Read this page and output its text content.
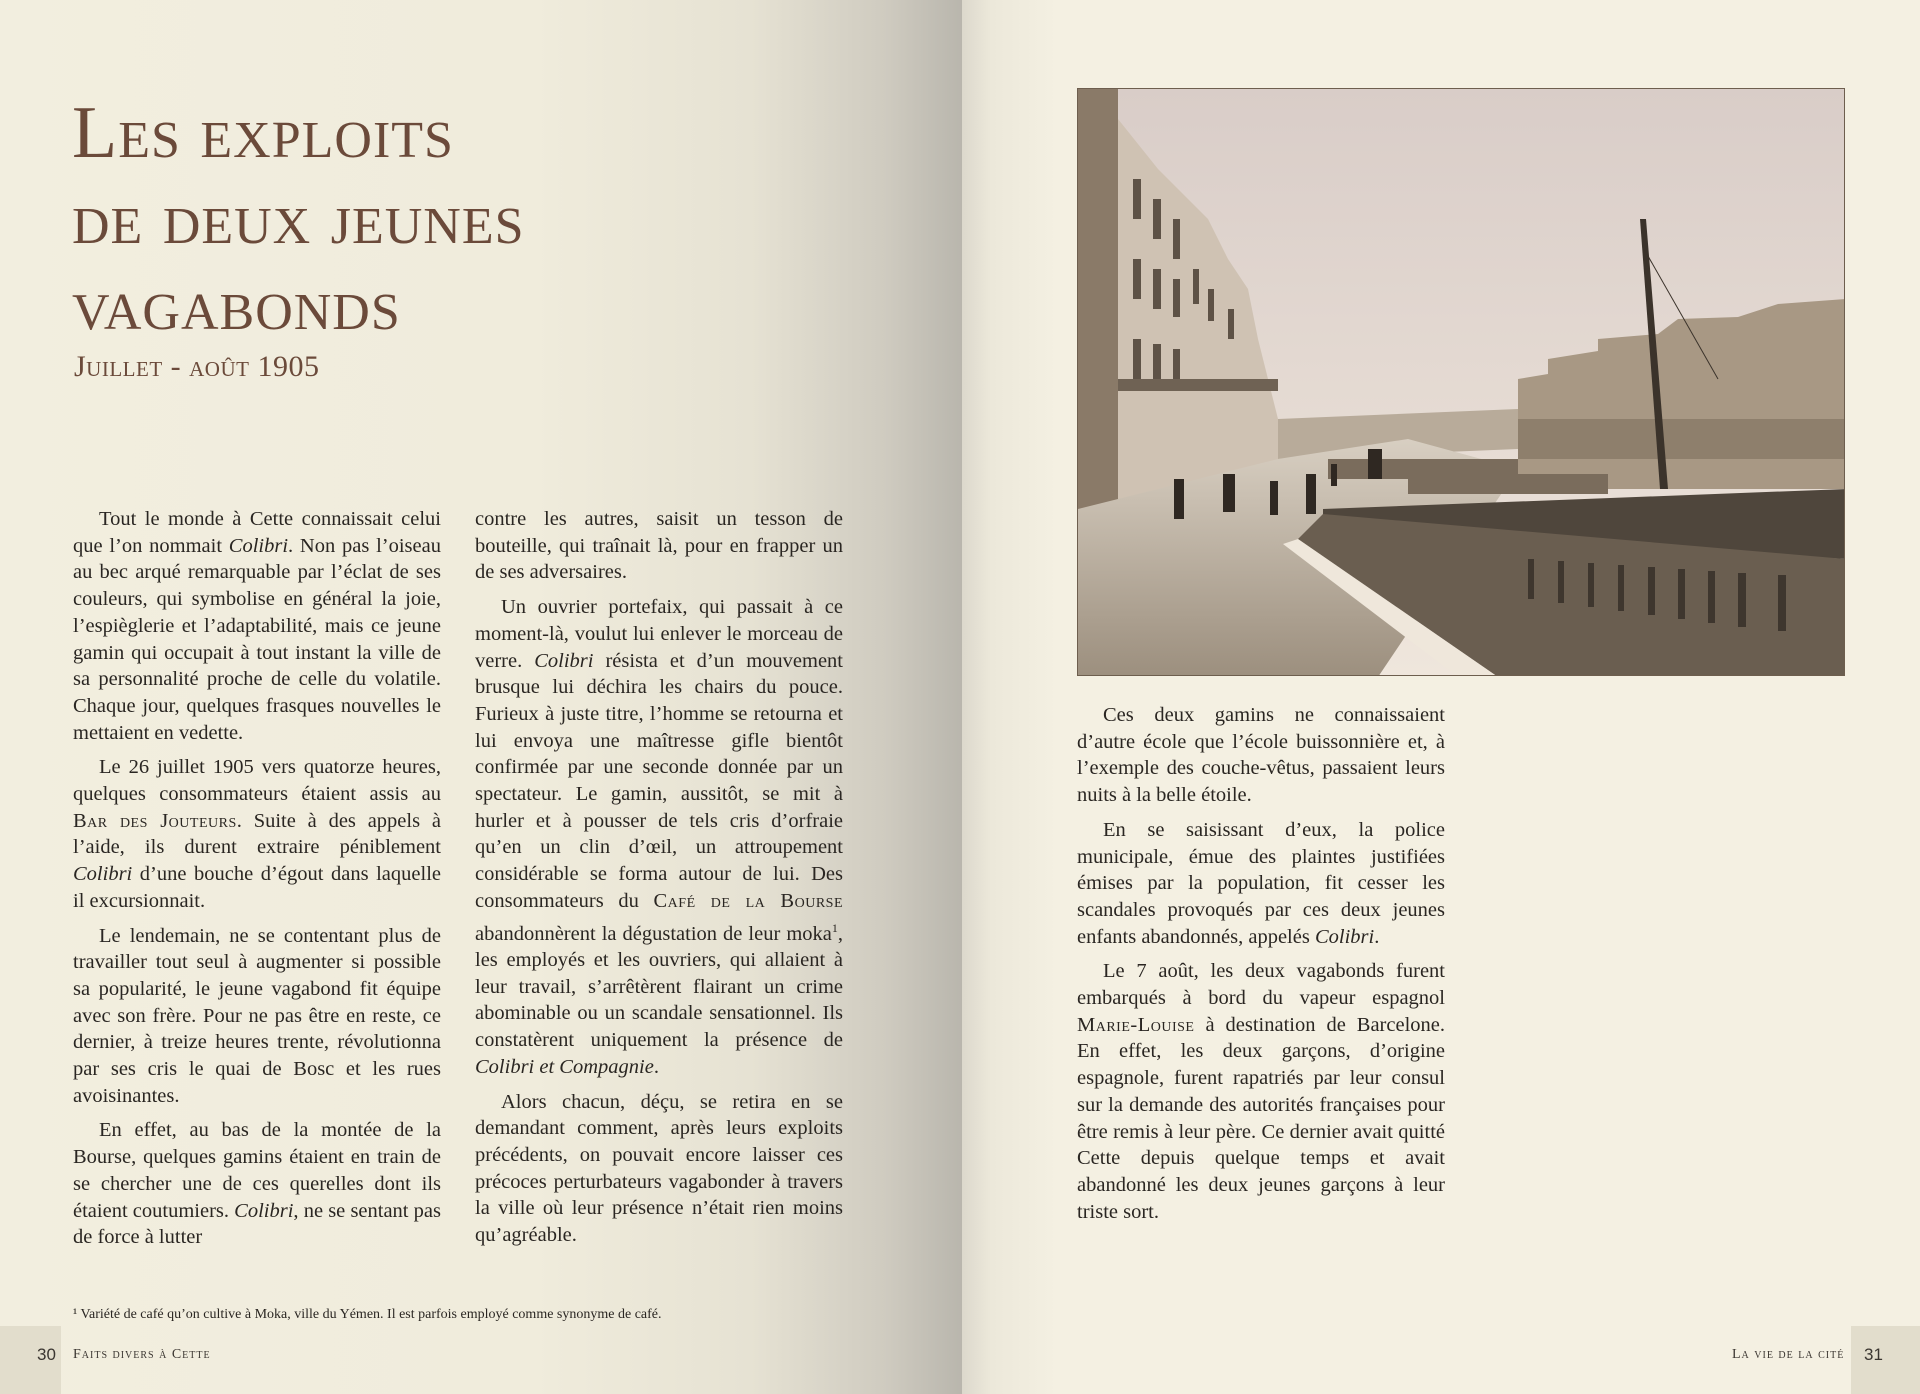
Les exploits
de deux jeunes
vagabonds
Juillet - août 1905

Tout le monde à Cette connaissait celui que l’on nommait Colibri. Non pas l’oiseau au bec arqué remarquable par l’éclat de ses couleurs, qui symbolise en général la joie, l’espièglerie et l’adaptabilité, mais ce jeune gamin qui occupait à tout instant la ville de sa personnalité proche de celle du volatile. Chaque jour, quelques frasques nouvelles le mettaient en vedette.

Le 26 juillet 1905 vers quatorze heures, quelques consommateurs étaient assis au Bar des Jouteurs. Suite à des appels à l’aide, ils durent extraire péniblement Colibri d’une bouche d’égout dans laquelle il excursionnait.

Le lendemain, ne se contentant plus de travailler tout seul à augmenter si possible sa popularité, le jeune vagabond fit équipe avec son frère. Pour ne pas être en reste, ce dernier, à treize heures trente, révolutionna par ses cris le quai de Bosc et les rues avoisinantes.

En effet, au bas de la montée de la Bourse, quelques gamins étaient en train de se chercher une de ces querelles dont ils étaient coutumiers. Colibri, ne se sentant pas de force à lutter

contre les autres, saisit un tesson de bouteille, qui traînait là, pour en frapper un de ses adversaires.

Un ouvrier portefaix, qui passait à ce moment-là, voulut lui enlever le morceau de verre. Colibri résista et d’un mouvement brusque lui déchira les chairs du pouce. Furieux à juste titre, l’homme se retourna et lui envoya une maîtresse gifle bientôt confirmée par une seconde donnée par un spectateur. Le gamin, aussitôt, se mit à hurler et à pousser de tels cris d’orfraie qu’en un clin d’œil, un attroupement considérable se forma autour de lui. Des consommateurs du Café de la Bourse abandonnèrent la dégustation de leur moka$^1$, les employés et les ouvriers, qui allaient à leur travail, s’arrêtèrent flairant un crime abominable ou un scandale sensationnel. Ils constatèrent uniquement la présence de Colibri et Compagnie.

Alors chacun, déçu, se retira en se demandant comment, après leurs exploits précédents, on pouvait encore laisser ces précoces perturbateurs vagabonder à travers la ville où leur présence n’était rien moins qu’agréable.

¹ Variété de café qu’on cultive à Moka, ville du Yémen. Il est parfois employé comme synonyme de café.
30 Faits divers à Cette

Ces deux gamins ne connaissaient d’autre école que l’école buissonnière et, à l’exemple des couche-vêtus, passaient leurs nuits à la belle étoile.

En se saisissant d’eux, la police municipale, émue des plaintes justifiées émises par la population, fit cesser les scandales provoqués par ces deux jeunes enfants abandonnés, appelés Colibri.

Le 7 août, les deux vagabonds furent embarqués à bord du vapeur espagnol Marie-Louise à destination de Barcelone. En effet, les deux garçons, d’origine espagnole, furent rapatriés par leur consul sur la demande des autorités françaises pour être remis à leur père. Ce dernier avait quitté Cette depuis quelque temps et avait abandonné les deux jeunes garçons à leur triste sort.

31
La vie de la cité
